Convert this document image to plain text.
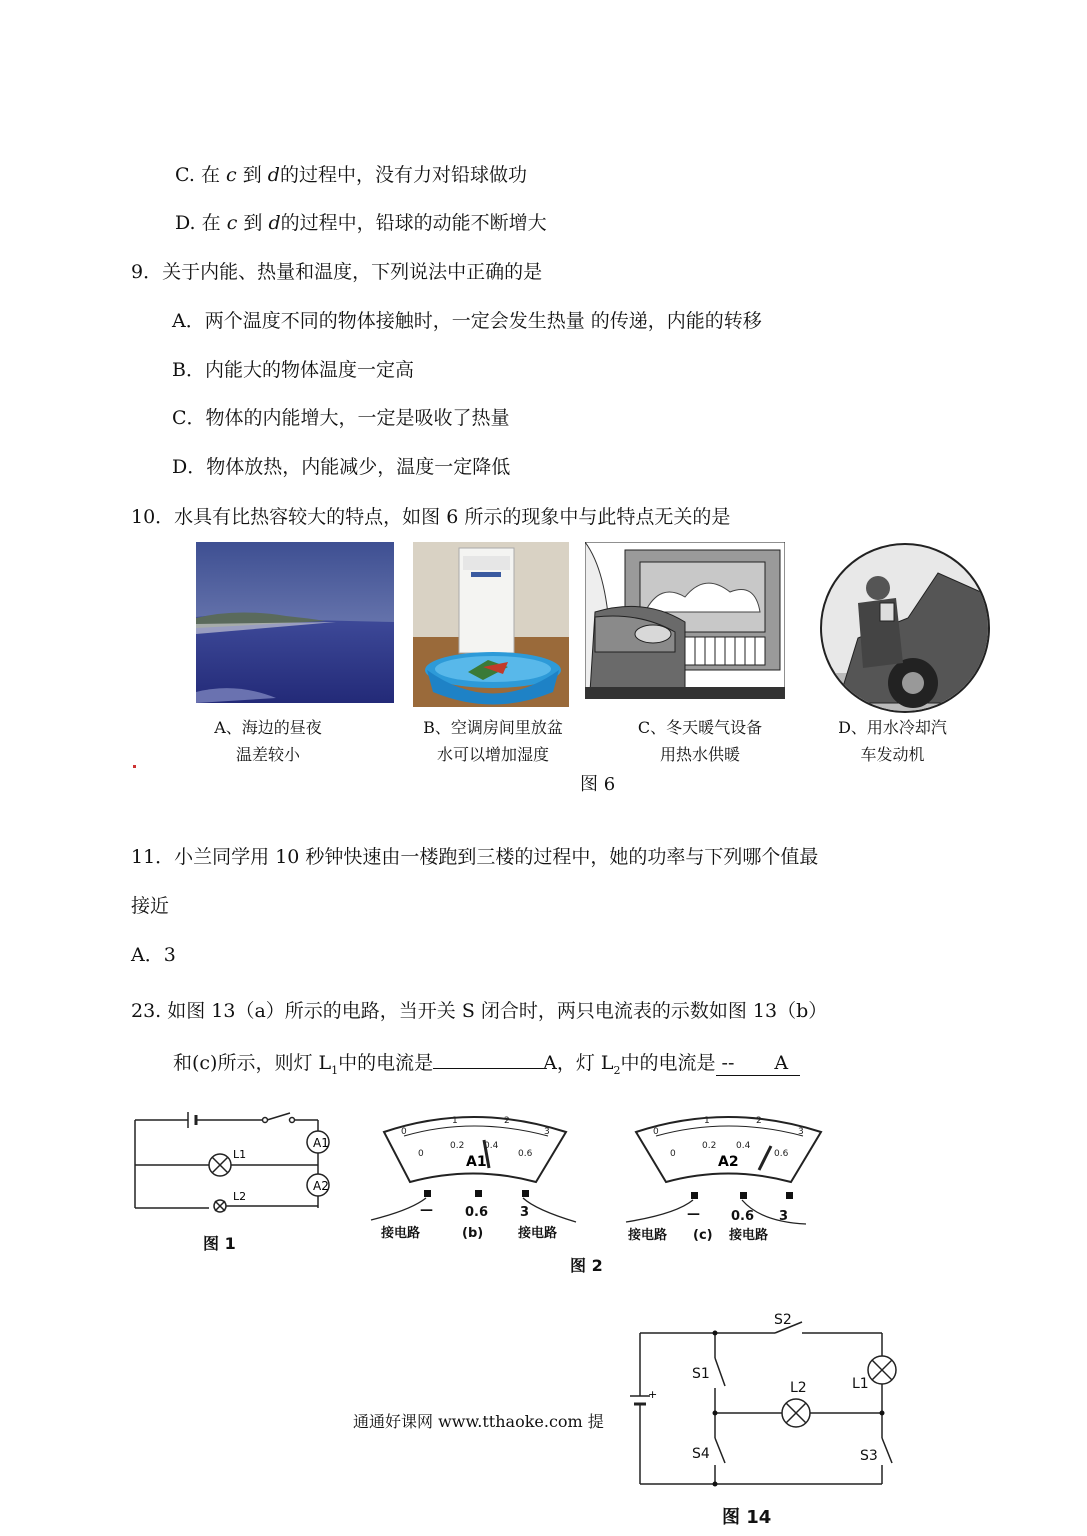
C. 在 c 到 d的过程中，没有力对铅球做功
D. 在 c 到 d的过程中，铅球的动能不断增大
9．关于内能、热量和温度，下列说法中正确的是
A．两个温度不同的物体接触时，一定会发生热量 的传递，内能的转移
B．内能大的物体温度一定高
C．物体的内能增大，一定是吸收了热量
D．物体放热，内能减少，温度一定降低
10．水具有比热容较大的特点，如图 6 所示的现象中与此特点无关的是
A、海边的昼夜
温差较小
B、空调房间里放盆
水可以增加湿度
C、冬天暖气设备
用热水供暖
D、用水冷却汽
车发动机
图 6
11．小兰同学用 10 秒钟快速由一楼跑到三楼的过程中，她的功率与下列哪个值最
接近
A．3
23. 如图 13（a）所示的电路，当开关 S 闭合时，两只电流表的示数如图 13（b）
和(c)所示，则灯 $L_1$中的电流是	A，灯 $L_2$中的电流是 -- A
A1
A2
L1
L2
图 1
0
1	2
3
0
0.2 0.4
0.6
0
1	2
3
0
0.2 0.4
0.6
A1	A2
— 0.6 3	— 0.6 3
接电路	(b)	接电路	接电路 (c) 接电路
图 2
+
S2
S1
L1
L2
S4	S3
图 14
通通好课网 www.tthaoke.com 提
